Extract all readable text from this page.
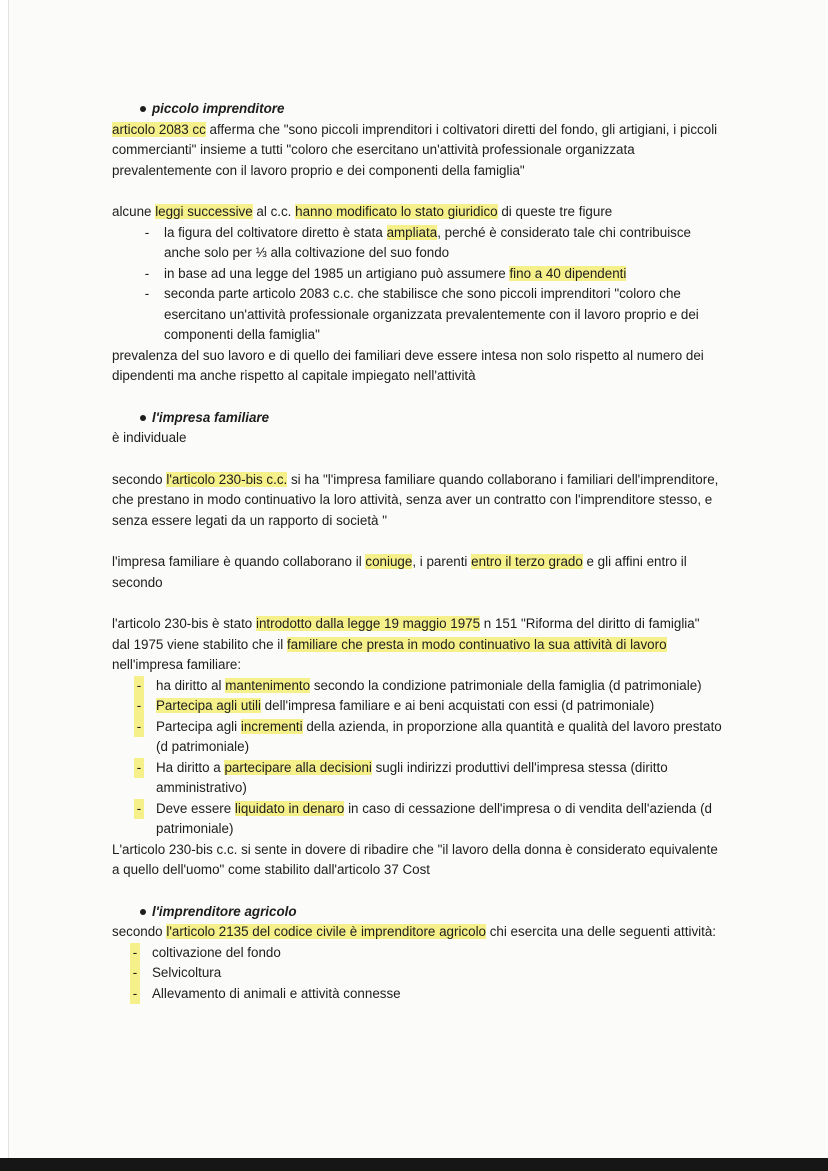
piccolo imprenditore

articolo 2083 cc afferma che "sono piccoli imprenditori i coltivatori diretti del fondo, gli artigiani, i piccoli commercianti" insieme a tutti "coloro che esercitano un'attività professionale organizzata prevalentemente con il lavoro proprio e dei componenti della famiglia"

alcune leggi successive al c.c. hanno modificato lo stato giuridico di queste tre figure

- la figura del coltivatore diretto è stata ampliata, perché è considerato tale chi contribuisce anche solo per ⅓ alla coltivazione del suo fondo
- in base ad una legge del 1985 un artigiano può assumere fino a 40 dipendenti
- seconda parte articolo 2083 c.c. che stabilisce che sono piccoli imprenditori "coloro che esercitano un'attività professionale organizzata prevalentemente con il lavoro proprio e dei componenti della famiglia"

prevalenza del suo lavoro e di quello dei familiari deve essere intesa non solo rispetto al numero dei dipendenti ma anche rispetto al capitale impiegato nell'attività

l'impresa familiare

è individuale

secondo l'articolo 230-bis c.c. si ha "l'impresa familiare quando collaborano i familiari dell'imprenditore, che prestano in modo continuativo la loro attività, senza aver un contratto con l'imprenditore stesso, e senza essere legati da un rapporto di società "

l'impresa familiare è quando collaborano il coniuge, i parenti entro il terzo grado e gli affini entro il secondo

l'articolo 230-bis è stato introdotto dalla legge 19 maggio 1975 n 151 "Riforma del diritto di famiglia"

dal 1975 viene stabilito che il familiare che presta in modo continuativo la sua attività di lavoro nell'impresa familiare:

- ha diritto al mantenimento secondo la condizione patrimoniale della famiglia (d patrimoniale)
- Partecipa agli utili dell'impresa familiare e ai beni acquistati con essi (d patrimoniale)
- Partecipa agli incrementi della azienda, in proporzione alla quantità e qualità del lavoro prestato (d patrimoniale)
- Ha diritto a partecipare alla decisioni sugli indirizzi produttivi dell'impresa stessa (diritto amministrativo)
- Deve essere liquidato in denaro in caso di cessazione dell'impresa o di vendita dell'azienda (d patrimoniale)

L'articolo 230-bis c.c. si sente in dovere di ribadire che "il lavoro della donna è considerato equivalente a quello dell'uomo" come stabilito dall'articolo 37 Cost

l'imprenditore agricolo

secondo l'articolo 2135 del codice civile è imprenditore agricolo chi esercita una delle seguenti attività:

- coltivazione del fondo
- Selvicoltura
- Allevamento di animali e attività connesse
